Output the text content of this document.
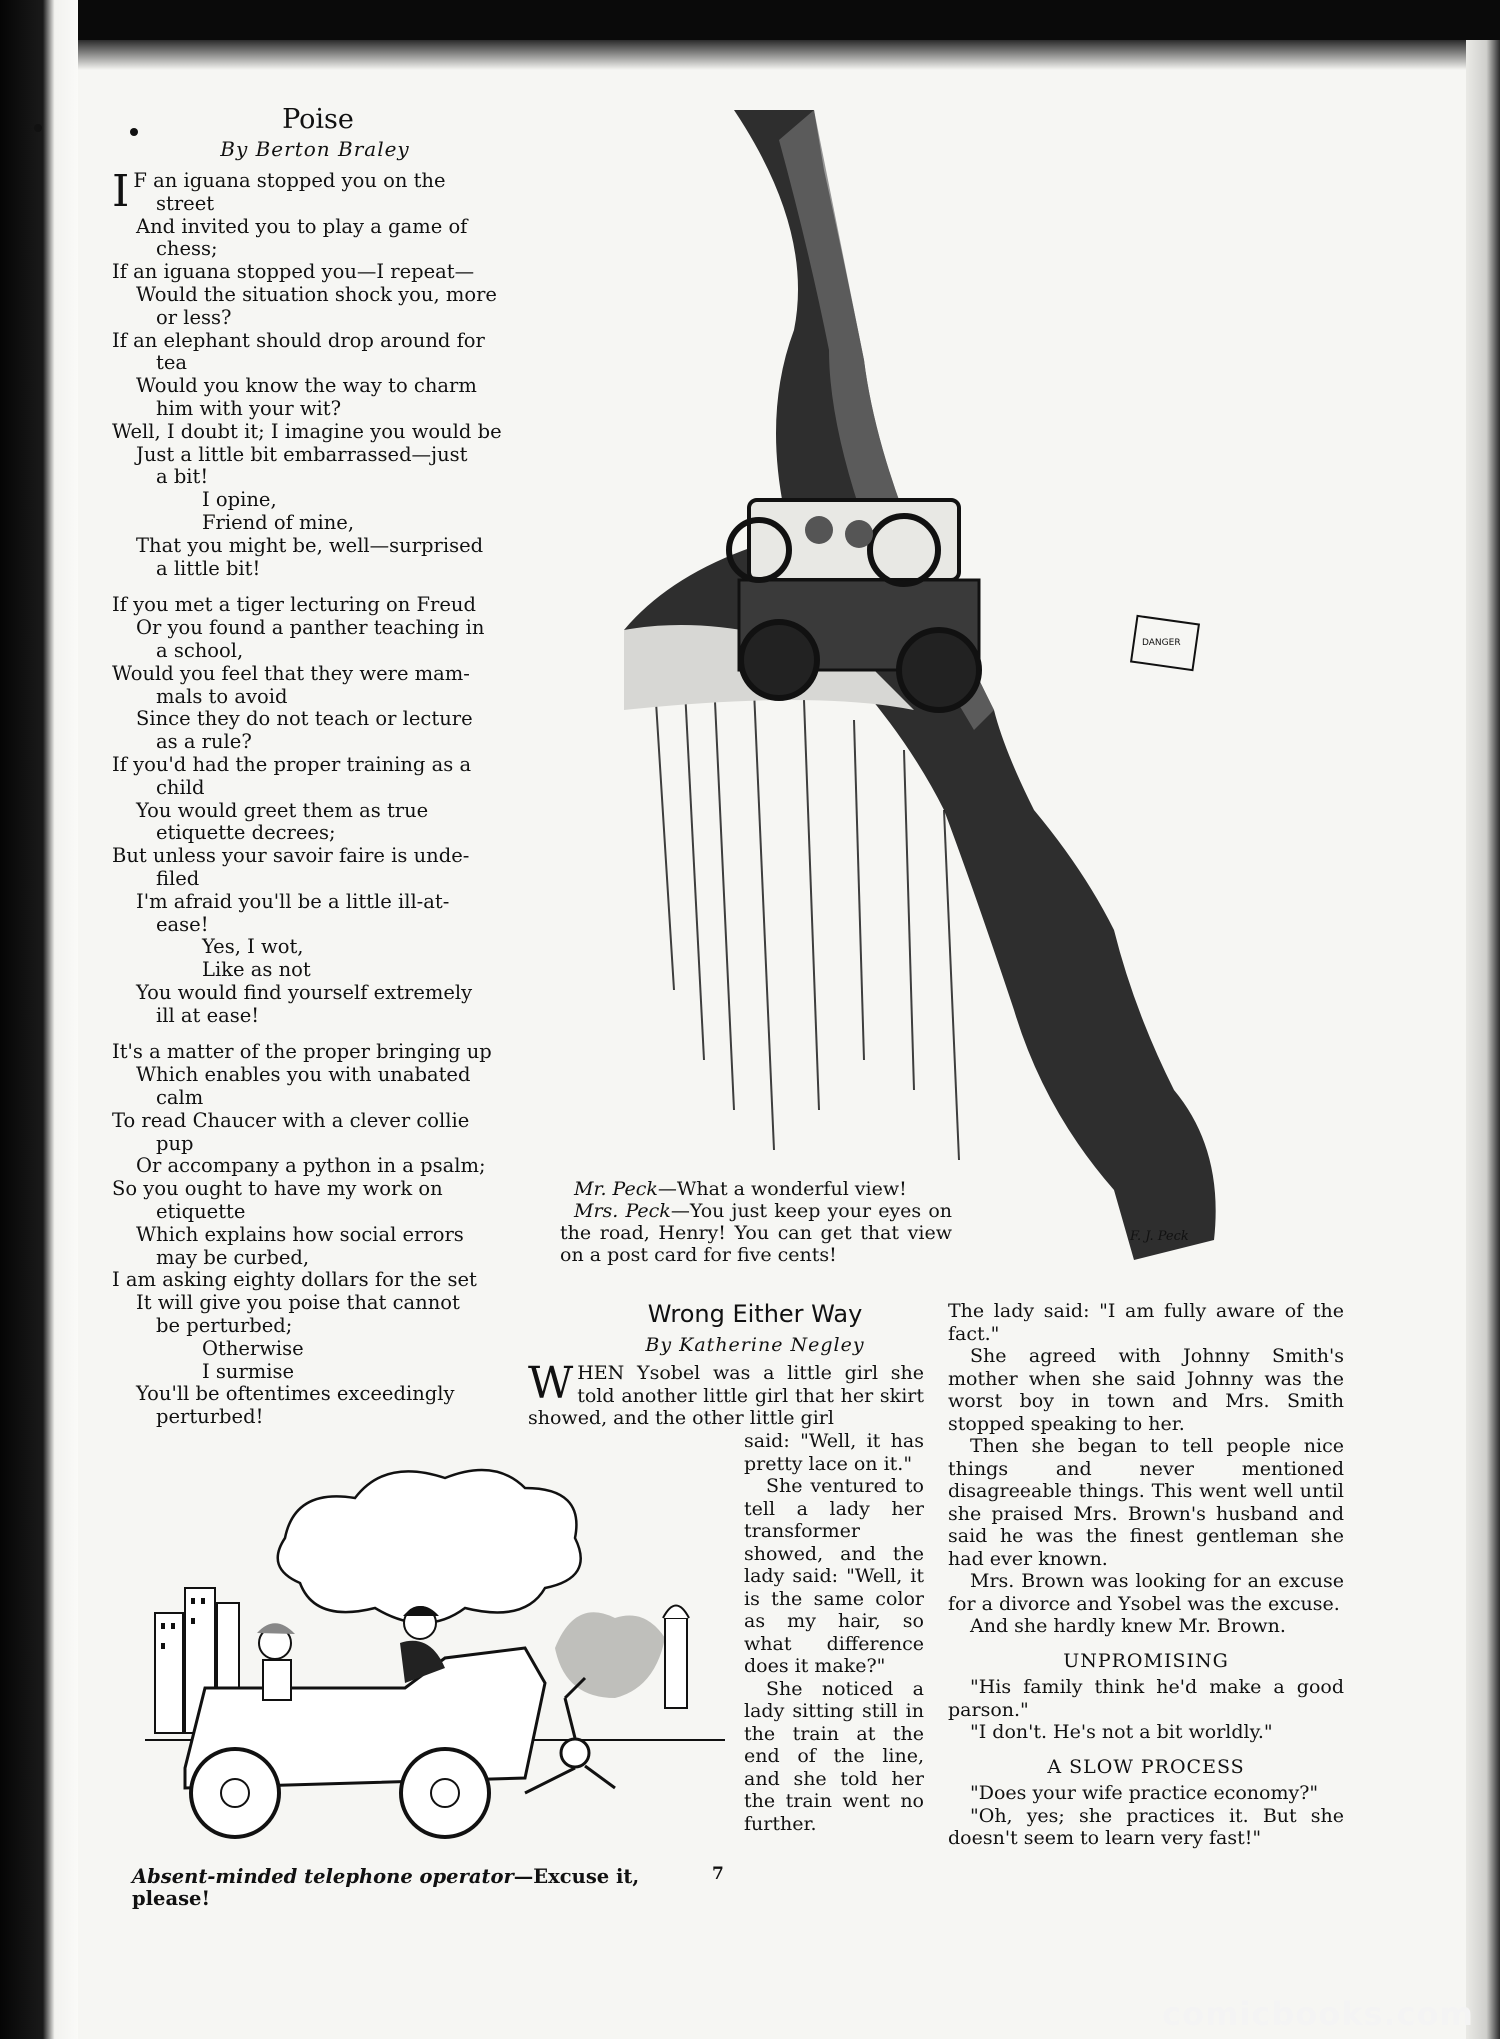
Poise
By Berton Braley
I F an iguana stopped you on the
street
And invited you to play a game of
chess;
If an iguana stopped you—I repeat—
Would the situation shock you, more
or less?
If an elephant should drop around for
tea
Would you know the way to charm
him with your wit?
Well, I doubt it; I imagine you would be
Just a little bit embarrassed—just
a bit!
I opine,
Friend of mine,
That you might be, well—surprised
a little bit!
If you met a tiger lecturing on Freud
Or you found a panther teaching in
a school,
Would you feel that they were mam-
mals to avoid
Since they do not teach or lecture
as a rule?
If you'd had the proper training as a
child
You would greet them as true
etiquette decrees;
But unless your savoir faire is unde-
filed
I'm afraid you'll be a little ill-at-
ease!
Yes, I wot,
Like as not
You would find yourself extremely
ill at ease!
It's a matter of the proper bringing up
Which enables you with unabated
calm
To read Chaucer with a clever collie
pup
Or accompany a python in a psalm;
So you ought to have my work on
etiquette
Which explains how social errors
may be curbed,
I am asking eighty dollars for the set
It will give you poise that cannot
be perturbed;
Otherwise
I surmise
You'll be oftentimes exceedingly
perturbed!
DANGER
F. J. Peck
Mr. Peck—What a wonderful view!
Mrs. Peck—You just keep your eyes on the road, Henry! You can get that view on a post card for five cents!
Absent-minded telephone operator—Excuse it, please!
Wrong Either Way
By Katherine Negley
WHEN Ysobel was a little girl she told another little girl that her skirt showed, and the other little girl

said: "Well, it has pretty lace on it."

She ventured to tell a lady her transformer showed, and the lady said: "Well, it is the same color as my hair, so what difference does it make?"

She noticed a lady sitting still in the train at the end of the line, and she told her the train went no further.

The lady said: "I am fully aware of the fact."

She agreed with Johnny Smith's mother when she said Johnny was the worst boy in town and Mrs. Smith stopped speaking to her.

Then she began to tell people nice things and never mentioned disagreeable things. This went well until she praised Mrs. Brown's husband and said he was the finest gentleman she had ever known.

Mrs. Brown was looking for an excuse for a divorce and Ysobel was the excuse.

And she hardly knew Mr. Brown.

UNPROMISING

"His family think he'd make a good parson."

"I don't. He's not a bit worldly."

A SLOW PROCESS

"Does your wife practice economy?"

"Oh, yes; she practices it. But she doesn't seem to learn very fast!"

7
comicbooks.com
